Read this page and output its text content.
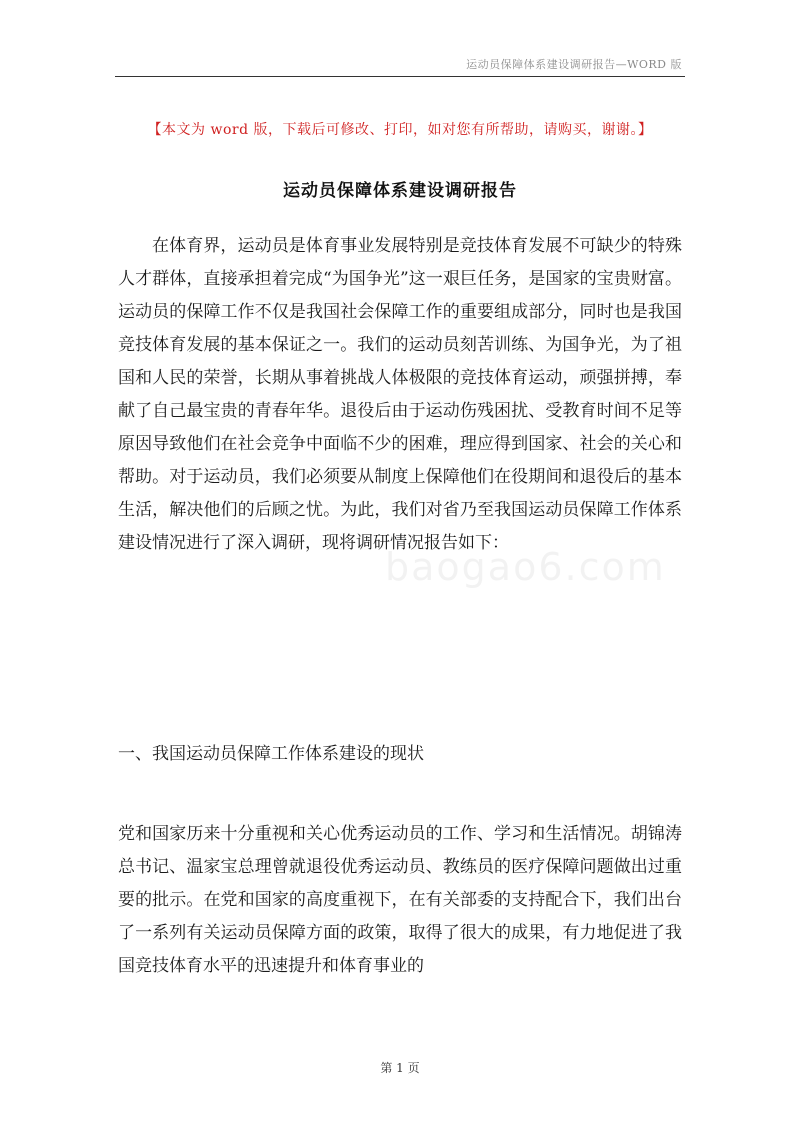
运动员保障体系建设调研报告—WORD 版
【本文为 word 版，下载后可修改、打印，如对您有所帮助，请购买，谢谢。】
运动员保障体系建设调研报告

在体育界，运动员是体育事业发展特别是竞技体育发展不可缺少的特殊人才群体，直接承担着完成“为国争光”这一艰巨任务，是国家的宝贵财富。运动员的保障工作不仅是我国社会保障工作的重要组成部分，同时也是我国竞技体育发展的基本保证之一。我们的运动员刻苦训练、为国争光，为了祖国和人民的荣誉，长期从事着挑战人体极限的竞技体育运动，顽强拼搏，奉献了自己最宝贵的青春年华。退役后由于运动伤残困扰、受教育时间不足等原因导致他们在社会竞争中面临不少的困难，理应得到国家、社会的关心和帮助。对于运动员，我们必须要从制度上保障他们在役期间和退役后的基本生活，解决他们的后顾之忧。为此，我们对省乃至我国运动员保障工作体系建设情况进行了深入调研，现将调研情况报告如下：

一、我国运动员保障工作体系建设的现状

党和国家历来十分重视和关心优秀运动员的工作、学习和生活情况。胡锦涛总书记、温家宝总理曾就退役优秀运动员、教练员的医疗保障问题做出过重要的批示。在党和国家的高度重视下，在有关部委的支持配合下，我们出台了一系列有关运动员保障方面的政策，取得了很大的成果，有力地促进了我国竞技体育水平的迅速提升和体育事业的

baogao6.com
第 1 页
